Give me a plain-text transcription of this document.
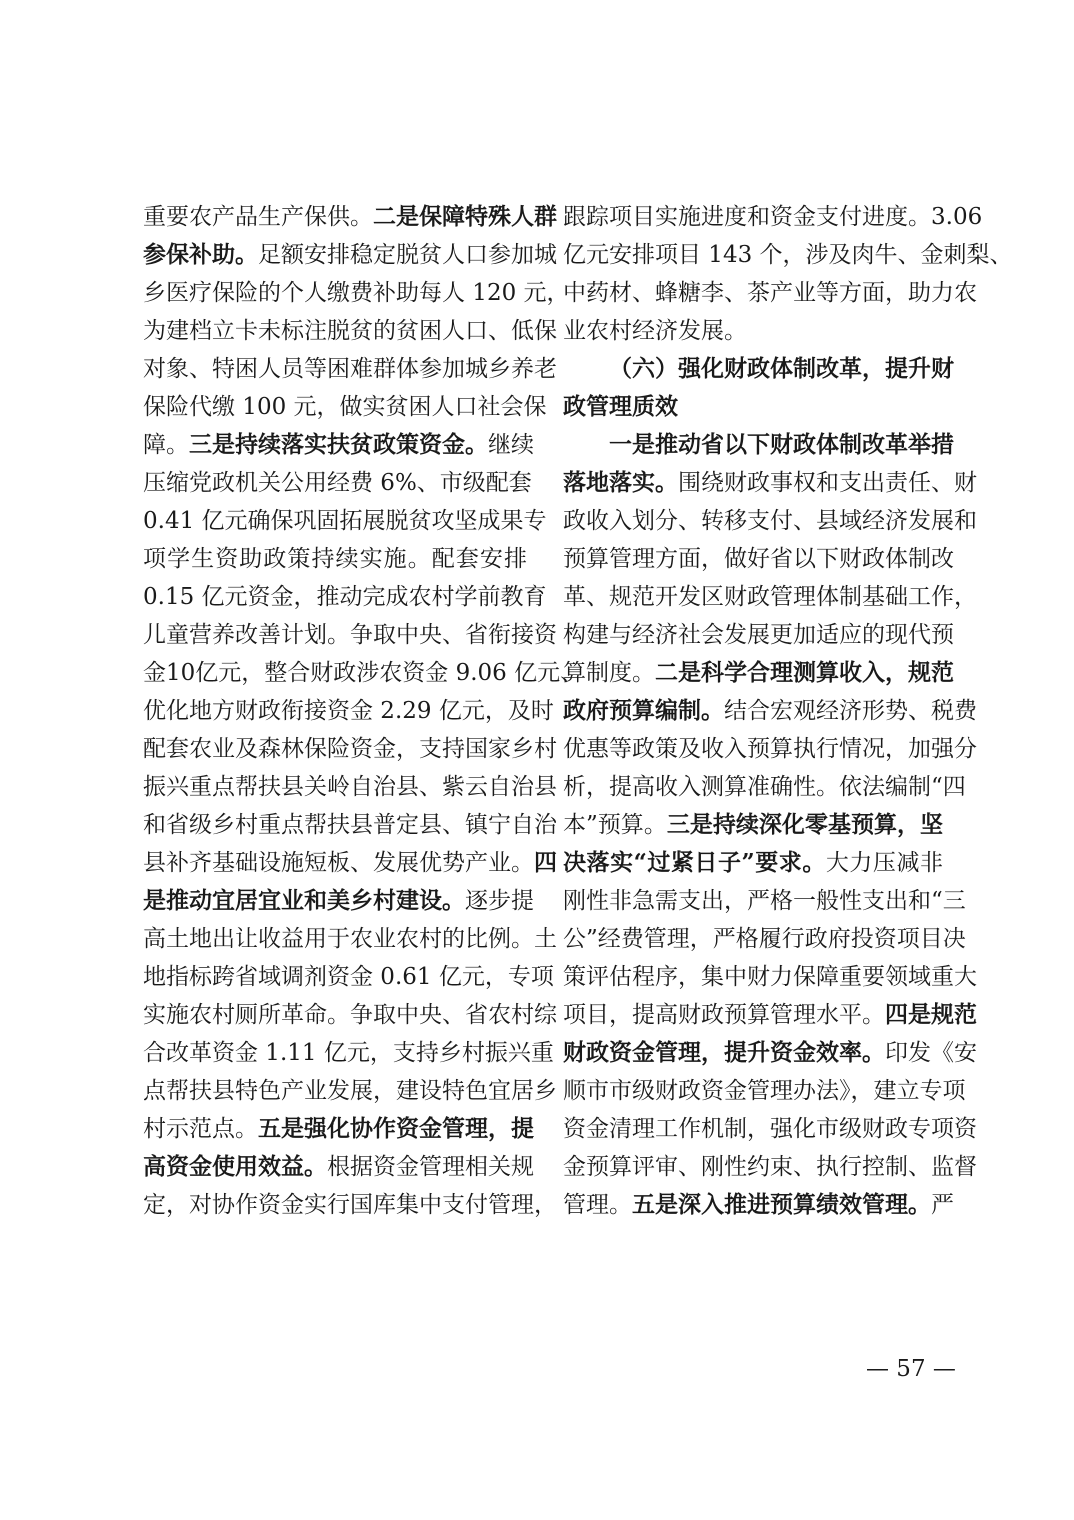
重要农产品生产保供。二是保障特殊人群
参保补助。足额安排稳定脱贫人口参加城
乡医疗保险的个人缴费补助每人 120 元，
为建档立卡未标注脱贫的贫困人口、低保
对象、特困人员等困难群体参加城乡养老
保险代缴 100 元，做实贫困人口社会保
障。三是持续落实扶贫政策资金。继续
压缩党政机关公用经费 6%、市级配套
0.41 亿元确保巩固拓展脱贫攻坚成果专
项学生资助政策持续实施。配套安排
0.15 亿元资金，推动完成农村学前教育
儿童营养改善计划。争取中央、省衔接资
金10亿元，整合财政涉农资金 9.06 亿元、
优化地方财政衔接资金 2.29 亿元，及时
配套农业及森林保险资金，支持国家乡村
振兴重点帮扶县关岭自治县、紫云自治县
和省级乡村重点帮扶县普定县、镇宁自治
县补齐基础设施短板、发展优势产业。四
是推动宜居宜业和美乡村建设。逐步提
高土地出让收益用于农业农村的比例。土
地指标跨省域调剂资金 0.61 亿元，专项
实施农村厕所革命。争取中央、省农村综
合改革资金 1.11 亿元，支持乡村振兴重
点帮扶县特色产业发展，建设特色宜居乡
村示范点。五是强化协作资金管理，提
高资金使用效益。根据资金管理相关规
定，对协作资金实行国库集中支付管理，
跟踪项目实施进度和资金支付进度。3.06
亿元安排项目 143 个，涉及肉牛、金刺梨、
中药材、蜂糖李、茶产业等方面，助力农
业农村经济发展。
（六）强化财政体制改革，提升财
政管理质效
一是推动省以下财政体制改革举措
落地落实。围绕财政事权和支出责任、财
政收入划分、转移支付、县域经济发展和
预算管理方面，做好省以下财政体制改
革、规范开发区财政管理体制基础工作，
构建与经济社会发展更加适应的现代预
算制度。二是科学合理测算收入，规范
政府预算编制。结合宏观经济形势、税费
优惠等政策及收入预算执行情况，加强分
析，提高收入测算准确性。依法编制“四
本”预算。三是持续深化零基预算，坚
决落实“过紧日子”要求。大力压减非
刚性非急需支出，严格一般性支出和“三
公”经费管理，严格履行政府投资项目决
策评估程序，集中财力保障重要领域重大
项目，提高财政预算管理水平。四是规范
财政资金管理，提升资金效率。印发《安
顺市市级财政资金管理办法》，建立专项
资金清理工作机制，强化市级财政专项资
金预算评审、刚性约束、执行控制、监督
管理。五是深入推进预算绩效管理。严
— 57 —
